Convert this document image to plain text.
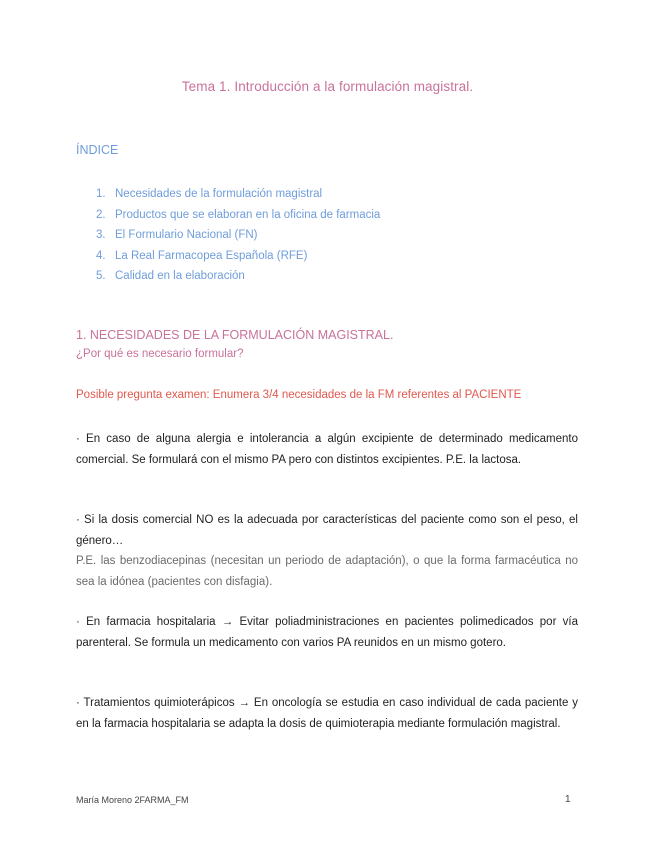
Tema 1. Introducción a la formulación magistral.
ÍNDICE
1. Necesidades de la formulación magistral
2. Productos que se elaboran en la oficina de farmacia
3. El Formulario Nacional (FN)
4. La Real Farmacopea Española (RFE)
5. Calidad en la elaboración
1. NECESIDADES DE LA FORMULACIÓN MAGISTRAL.
¿Por qué es necesario formular?
Posible pregunta examen: Enumera 3/4 necesidades de la FM referentes al PACIENTE
· En caso de alguna alergia e intolerancia a algún excipiente de determinado medicamento comercial. Se formulará con el mismo PA pero con distintos excipientes. P.E. la lactosa.
· Si la dosis comercial NO es la adecuada por características del paciente como son el peso, el género…
P.E. las benzodiacepinas (necesitan un periodo de adaptación), o que la forma farmacéutica no sea la idónea (pacientes con disfagia).
· En farmacia hospitalaria → Evitar poliadministraciones en pacientes polimedicados por vía parenteral. Se formula un medicamento con varios PA reunidos en un mismo gotero.
· Tratamientos quimioterápicos → En oncología se estudia en caso individual de cada paciente y en la farmacia hospitalaria se adapta la dosis de quimioterapia mediante formulación magistral.
María Moreno 2FARMA_FM	1
